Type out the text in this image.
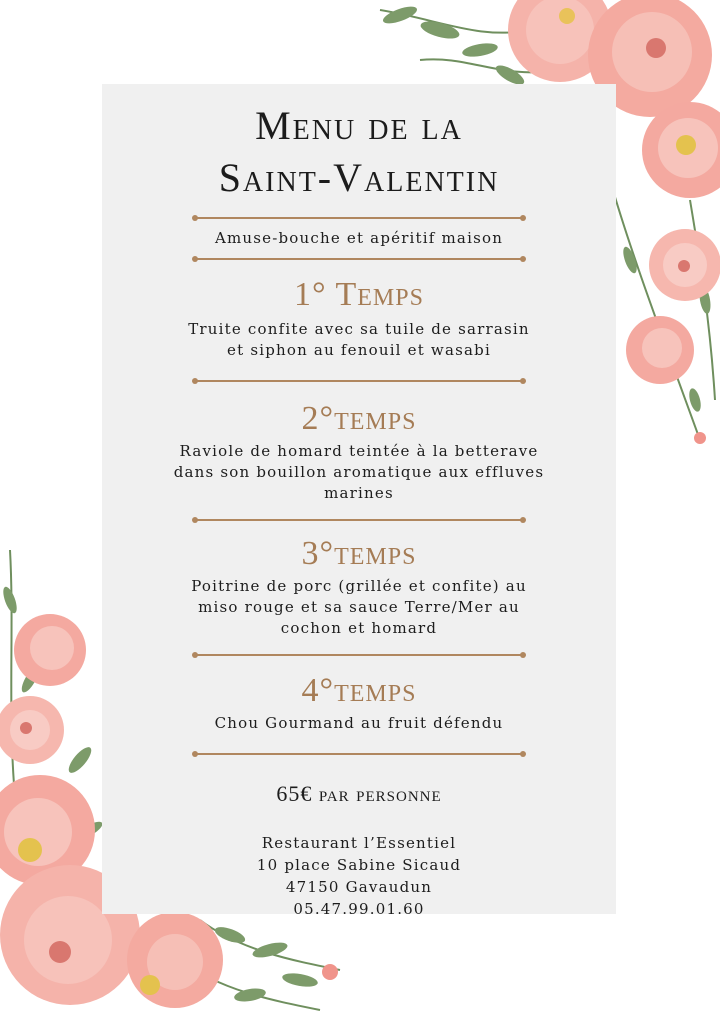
Menu de la
Saint-Valentin
Amuse-bouche et apéritif maison
1° Temps
Truite confite avec sa tuile de sarrasin
et siphon au fenouil et wasabi
2°temps
Raviole de homard teintée à la betterave
dans son bouillon aromatique aux effluves
marines
3°temps
Poitrine de porc (grillée et confite) au
miso rouge et sa sauce Terre/Mer au
cochon et homard
4°temps
Chou Gourmand au fruit défendu
65€ par personne
Restaurant l’Essentiel
10 place Sabine Sicaud
47150 Gavaudun
05.47.99.01.60
